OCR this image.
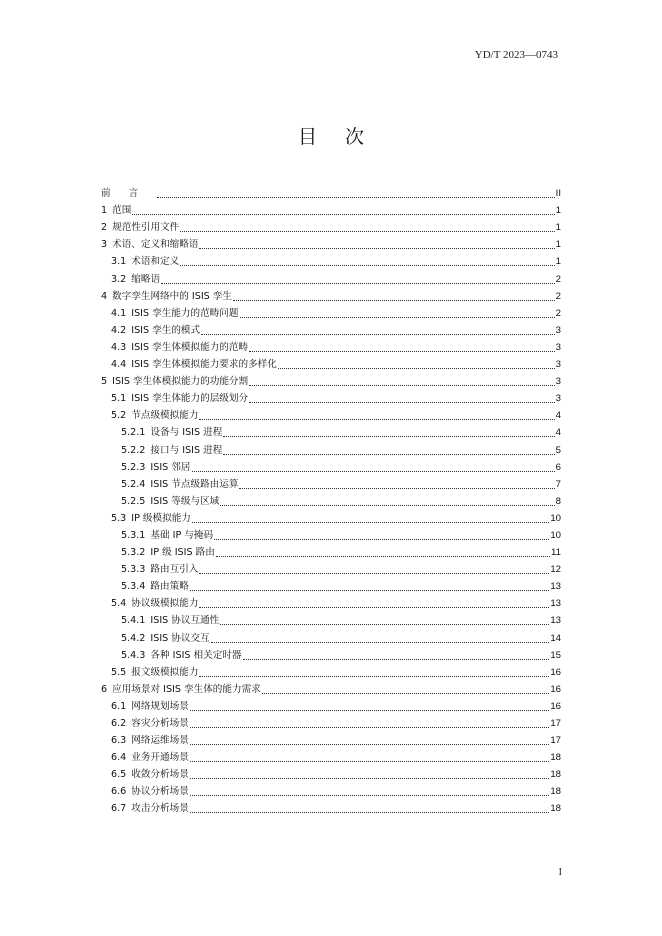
YD/T 2023—0743
目次
前言	II
1 范围	1
2 规范性引用文件	1
3 术语、定义和缩略语	1
3.1 术语和定义	1
3.2 缩略语	2
4 数字孪生网络中的 ISIS 孪生	2
4.1 ISIS 孪生能力的范畴问题	2
4.2 ISIS 孪生的模式	3
4.3 ISIS 孪生体模拟能力的范畴	3
4.4 ISIS 孪生体模拟能力要求的多样化	3
5 ISIS 孪生体模拟能力的功能分割	3
5.1 ISIS 孪生体能力的层级划分	3
5.2 节点级模拟能力	4
5.2.1 设备与 ISIS 进程	4
5.2.2 接口与 ISIS 进程	5
5.2.3 ISIS 邻居	6
5.2.4 ISIS 节点级路由运算	7
5.2.5 ISIS 等级与区域	8
5.3 IP 级模拟能力	10
5.3.1 基础 IP 与掩码	10
5.3.2 IP 级 ISIS 路由	11
5.3.3 路由互引入	12
5.3.4 路由策略	13
5.4 协议级模拟能力	13
5.4.1 ISIS 协议互通性	13
5.4.2 ISIS 协议交互	14
5.4.3 各种 ISIS 相关定时器	15
5.5 报文级模拟能力	16
6 应用场景对 ISIS 孪生体的能力需求	16
6.1 网络规划场景	16
6.2 容灾分析场景	17
6.3 网络运维场景	17
6.4 业务开通场景	18
6.5 收敛分析场景	18
6.6 协议分析场景	18
6.7 攻击分析场景	18
I
